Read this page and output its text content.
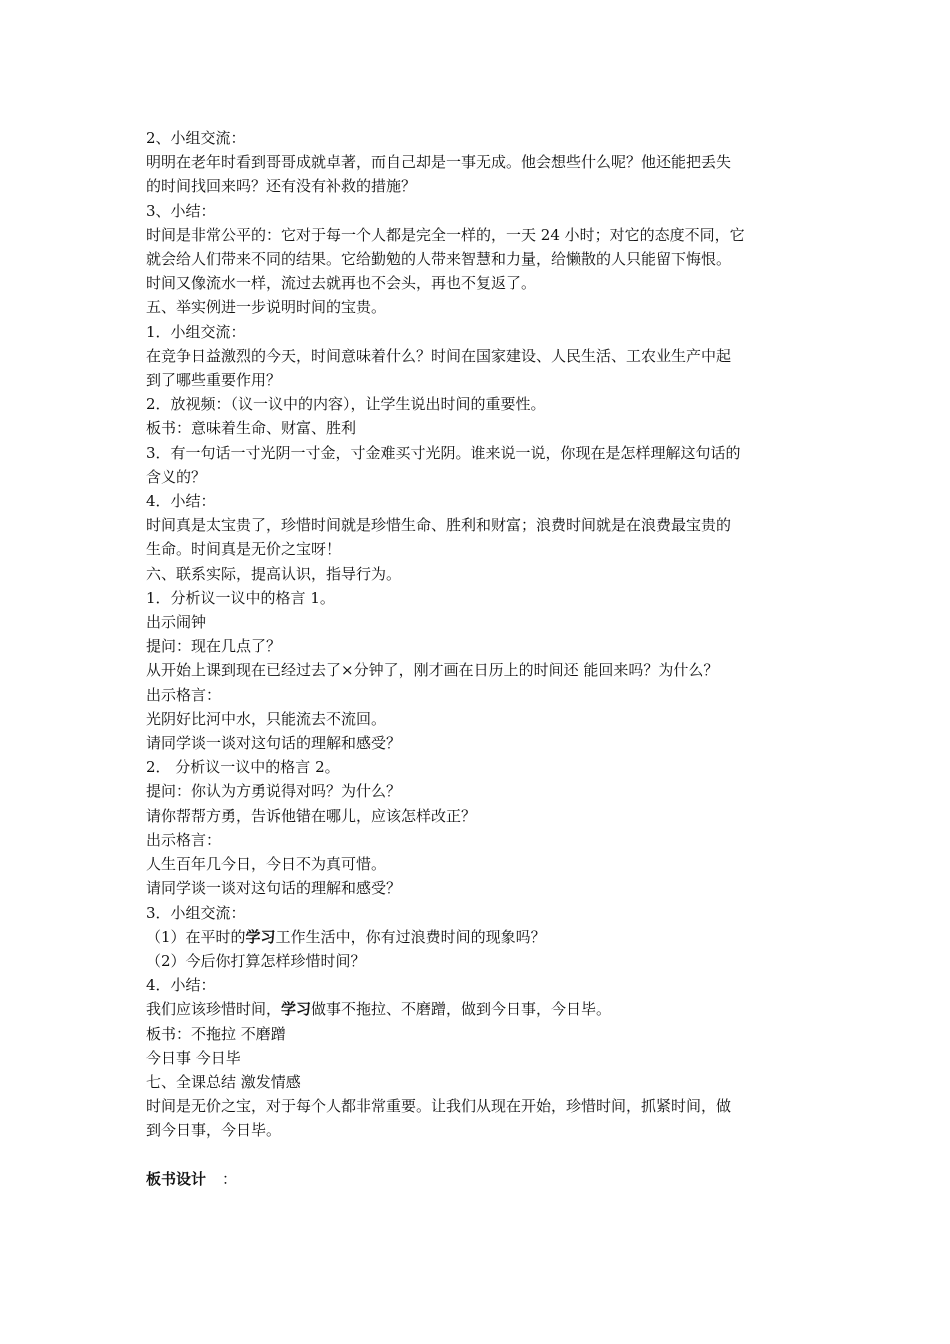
2、小组交流：
明明在老年时看到哥哥成就卓著，而自己却是一事无成。他会想些什么呢？他还能把丢失
的时间找回来吗？还有没有补救的措施？
3、小结：
时间是非常公平的：它对于每一个人都是完全一样的，一天 24 小时；对它的态度不同，它
就会给人们带来不同的结果。它给勤勉的人带来智慧和力量，给懒散的人只能留下悔恨。
时间又像流水一样，流过去就再也不会头，再也不复返了。
五、举实例进一步说明时间的宝贵。
1．小组交流：
在竞争日益激烈的今天，时间意味着什么？时间在国家建设、人民生活、工农业生产中起
到了哪些重要作用？
2．放视频：（议一议中的内容），让学生说出时间的重要性。
板书：意味着生命、财富、胜利
3．有一句话一寸光阴一寸金，寸金难买寸光阴。谁来说一说，你现在是怎样理解这句话的
含义的？
4．小结：
时间真是太宝贵了，珍惜时间就是珍惜生命、胜利和财富；浪费时间就是在浪费最宝贵的
生命。时间真是无价之宝呀！
六、联系实际，提高认识，指导行为。
1．分析议一议中的格言 1。
出示闹钟
提问：现在几点了？
从开始上课到现在已经过去了×分钟了，刚才画在日历上的时间还 能回来吗？为什么？
出示格言：
光阴好比河中水，只能流去不流回。
请同学谈一谈对这句话的理解和感受？
2． 分析议一议中的格言 2。
提问：你认为方勇说得对吗？为什么？
请你帮帮方勇，告诉他错在哪儿，应该怎样改正？
出示格言：
人生百年几今日，今日不为真可惜。
请同学谈一谈对这句话的理解和感受？
3．小组交流：
（1）在平时的学习工作生活中，你有过浪费时间的现象吗？
（2）今后你打算怎样珍惜时间？
4．小结：
我们应该珍惜时间，学习做事不拖拉、不磨蹭，做到今日事，今日毕。
板书：不拖拉 不磨蹭
今日事 今日毕
七、全课总结 激发情感
时间是无价之宝，对于每个人都非常重要。让我们从现在开始，珍惜时间，抓紧时间，做
到今日事，今日毕。
板书设计 ：
